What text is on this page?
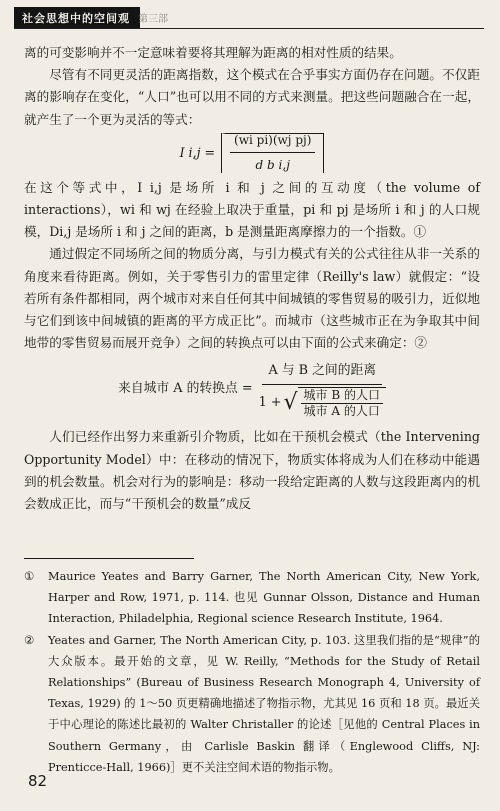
社会思想中的空间观 第三部

离的可变影响并不一定意味着要将其理解为距离的相对性质的结果。

尽管有不同更灵活的距离指数，这个模式在合乎事实方面仍存在问题。不仅距离的影响存在变化，“人口”也可以用不同的方式来测量。把这些问题融合在一起，就产生了一个更为灵活的等式：

I $i,j = \frac{\text{(wi pi)(wj pj)}}{\text{d b i,j}}$

在这个等式中，I i,j 是场所 i 和 j 之间的互动度（the volume of interactions），wi 和 wj 在经验上取决于重量，pi 和 pj 是场所 i 和 j 的人口规模，Di,j 是场所 i 和 j 之间的距离，b 是测量距离摩擦力的一个指数。①

通过假定不同场所之间的物质分离，与引力模式有关的公式往往从非一关系的角度来看待距离。例如，关于零售引力的雷里定律（Reilly's law）就假定：“设若所有条件都相同，两个城市对来自任何其中间城镇的零售贸易的吸引力，近似地与它们到该中间城镇的距离的平方成正比”。而城市（这些城市正在为争取其中间地带的零售贸易而展开竞争）之间的转换点可以由下面的公式来确定：②

来自城市 A 的转换点 =
A 与 B 之间的距离
1 + √ 城市 B 的人口
城市 A 的人口

人们已经作出努力来重新引介物质，比如在干预机会模式（the Intervening Opportunity Model）中：在移动的情况下，物质实体将成为人们在移动中能遇到的机会数量。机会对行为的影响是：移动一段给定距离的人数与这段距离内的机会数成正比，而与“干预机会的数量”成反

① Maurice Yeates and Barry Garner, The North American City, New York, Harper and Row, 1971, p. 114. 也见 Gunnar Olsson, Distance and Human Interaction, Philadelphia, Regional science Research Institute, 1964.

② Yeates and Garner, The North American City, p. 103. 这里我们指的是“规律”的大众版本。最开始的文章，见 W. Reilly, “Methods for the Study of Retail Relationships” (Bureau of Business Research Monograph 4, University of Texas, 1929) 的 1～50 页更精确地描述了物指示物，尤其见 16 页和 18 页。最近关于中心理论的陈述比最初的 Walter Christaller 的论述［见他的 Central Places in Southern Germany，由 Carlisle Baskin 翻译（Englewood Cliffs, NJ: Prenticce-Hall, 1966)］更不关注空间术语的物指示物。

82
